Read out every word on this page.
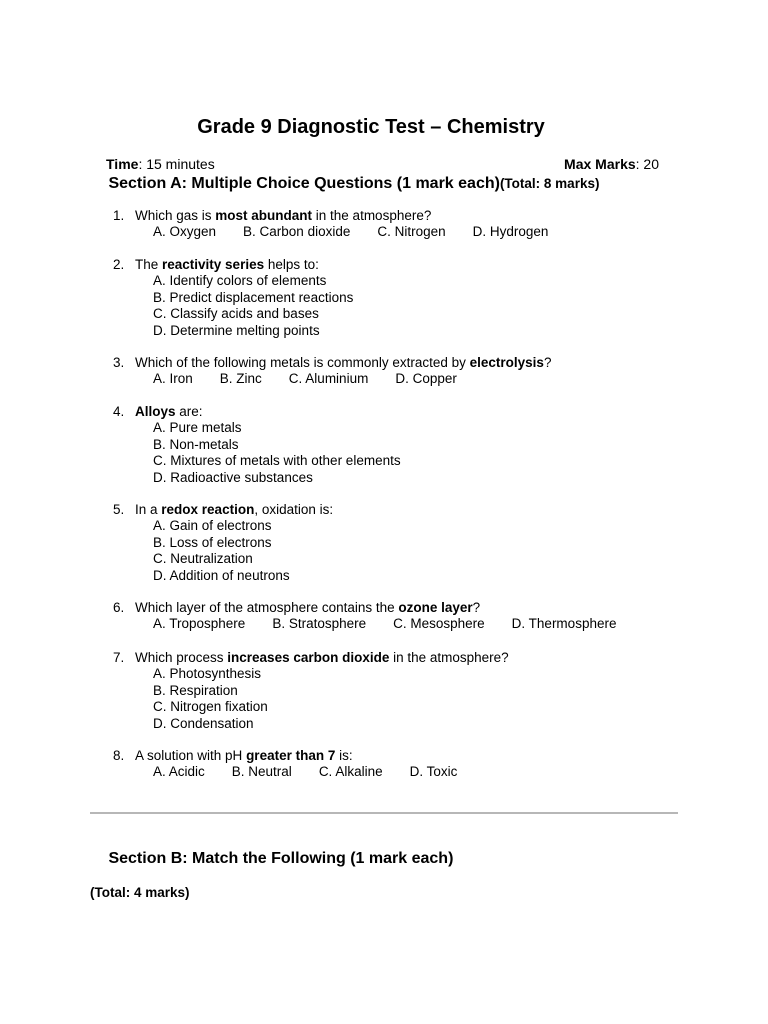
Grade 9 Diagnostic Test – Chemistry
Time: 15 minutes	Max Marks: 20
Section A: Multiple Choice Questions (1 mark each)(Total: 8 marks)
1. Which gas is most abundant in the atmosphere?
A. Oxygen B. Carbon dioxide C. Nitrogen D. Hydrogen
2. The reactivity series helps to:
A. Identify colors of elements
B. Predict displacement reactions
C. Classify acids and bases
D. Determine melting points
3. Which of the following metals is commonly extracted by electrolysis?
A. Iron B. Zinc C. Aluminium D. Copper
4. Alloys are:
A. Pure metals
B. Non-metals
C. Mixtures of metals with other elements
D. Radioactive substances
5. In a redox reaction, oxidation is:
A. Gain of electrons
B. Loss of electrons
C. Neutralization
D. Addition of neutrons
6. Which layer of the atmosphere contains the ozone layer?
A. Troposphere B. Stratosphere C. Mesosphere D. Thermosphere
7. Which process increases carbon dioxide in the atmosphere?
A. Photosynthesis
B. Respiration
C. Nitrogen fixation
D. Condensation
8. A solution with pH greater than 7 is:
A. Acidic B. Neutral C. Alkaline D. Toxic
Section B: Match the Following (1 mark each)
(Total: 4 marks)
